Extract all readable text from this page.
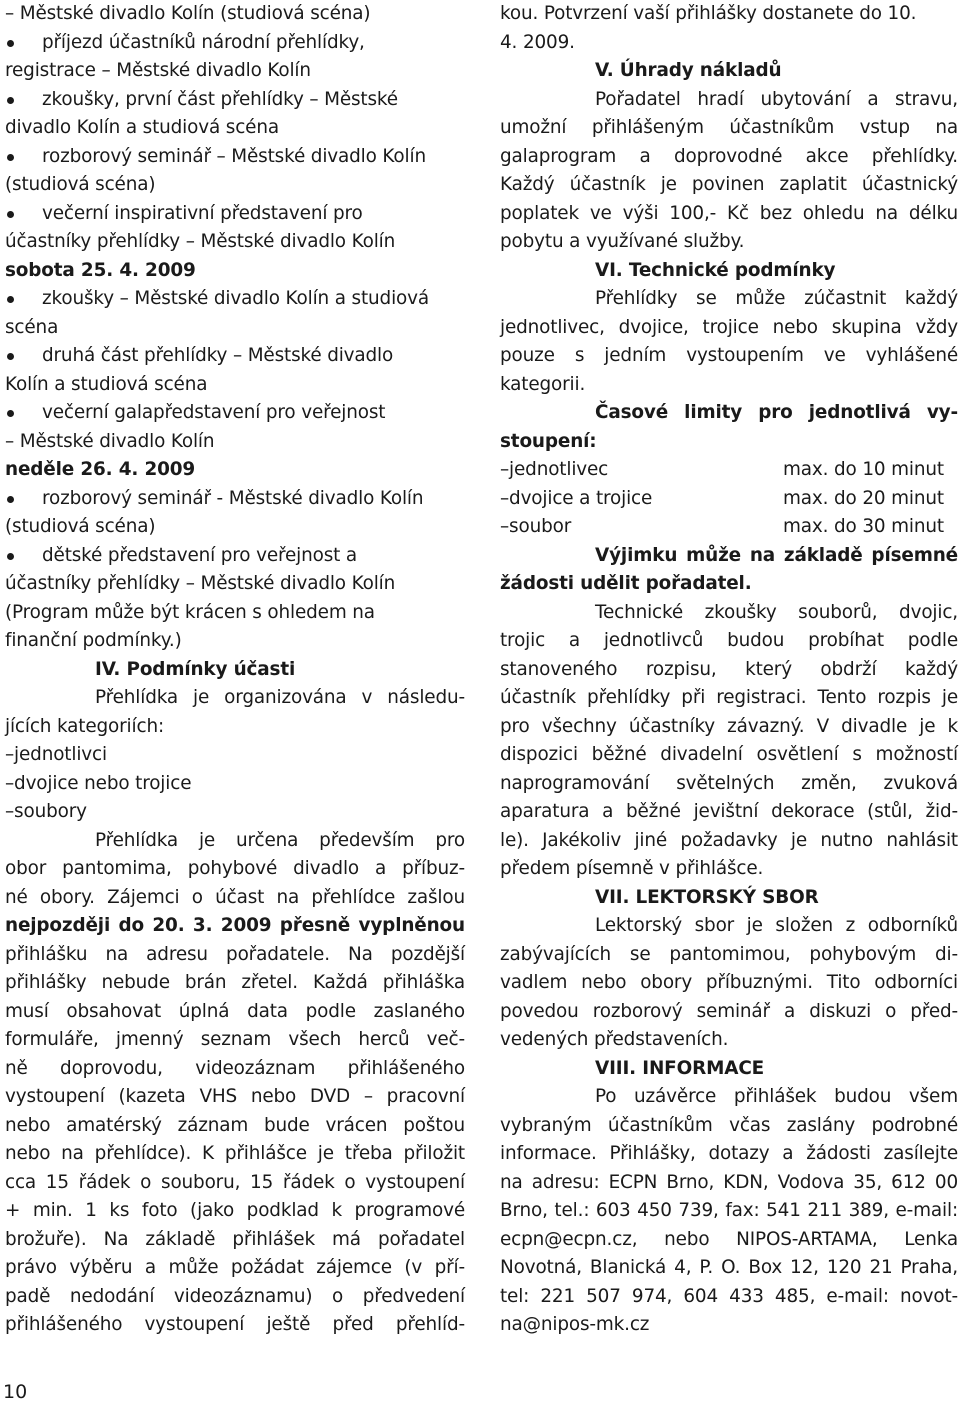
– Městské divadlo Kolín (studiová scéna)
příjezd účastníků národní přehlídky,
registrace – Městské divadlo Kolín
zkoušky, první část přehlídky – Městské
divadlo Kolín a studiová scéna
rozborový seminář – Městské divadlo Kolín
(studiová scéna)
večerní inspirativní představení pro
účastníky přehlídky – Městské divadlo Kolín
sobota 25. 4. 2009
zkoušky – Městské divadlo Kolín a studiová
scéna
druhá část přehlídky – Městské divadlo
Kolín a studiová scéna
večerní galapředstavení pro veřejnost
– Městské divadlo Kolín
neděle 26. 4. 2009
rozborový seminář - Městské divadlo Kolín
(studiová scéna)
dětské představení pro veřejnost a
účastníky přehlídky – Městské divadlo Kolín
(Program může být krácen s ohledem na
finanční podmínky.)
IV. Podmínky účasti
Přehlídka je organizována v následu-
jících kategoriích:
– jednotlivci
– dvojice nebo trojice
– soubory
Přehlídka je určena především pro
obor pantomima, pohybové divadlo a příbuz-
né obory. Zájemci o účast na přehlídce zašlou
nejpozději do 20. 3. 2009 přesně vyplněnou
přihlášku na adresu pořadatele. Na pozdější
přihlášky nebude brán zřetel. Každá přihláška
musí obsahovat úplná data podle zaslaného
formuláře, jmenný seznam všech herců več-
ně doprovodu, videozáznam přihlášeného
vystoupení (kazeta VHS nebo DVD – pracovní
nebo amatérský záznam bude vrácen poštou
nebo na přehlídce). K přihlášce je třeba přiložit
cca 15 řádek o souboru, 15 řádek o vystoupení
+ min. 1 ks foto (jako podklad k programové
brožuře). Na základě přihlášek má pořadatel
právo výběru a může požádat zájemce (v pří-
padě nedodání videozáznamu) o předvedení
přihlášeného vystoupení ještě před přehlíd-
kou. Potvrzení vaší přihlášky dostanete do 10.
4. 2009.
V. Úhrady nákladů
Pořadatel hradí ubytování a stravu,
umožní přihlášeným účastníkům vstup na
galaprogram a doprovodné akce přehlídky.
Každý účastník je povinen zaplatit účastnický
poplatek ve výši 100,- Kč bez ohledu na délku
pobytu a využívané služby.
VI. Technické podmínky
Přehlídky se může zúčastnit každý
jednotlivec, dvojice, trojice nebo skupina vždy
pouze s jedním vystoupením ve vyhlášené
kategorii.
Časové limity pro jednotlivá vy-
stoupení:
– jednotlivec	max. do 10 minut
– dvojice a trojice	max. do 20 minut
– soubor	max. do 30 minut
Výjimku může na základě písemné
žádosti udělit pořadatel.
Technické zkoušky souborů, dvojic,
trojic a jednotlivců budou probíhat podle
stanoveného rozpisu, který obdrží každý
účastník přehlídky při registraci. Tento rozpis je
pro všechny účastníky závazný. V divadle je k
dispozici běžné divadelní osvětlení s možností
naprogramování světelných změn, zvuková
aparatura a běžné jevištní dekorace (stůl, žid-
le). Jakékoliv jiné požadavky je nutno nahlásit
předem písemně v přihlášce.
VII. LEKTORSKÝ SBOR
Lektorský sbor je složen z odborníků
zabývajících se pantomimou, pohybovým di-
vadlem nebo obory příbuznými. Tito odborníci
povedou rozborový seminář a diskuzi o před-
vedených představeních.
VIII. INFORMACE
Po uzávěrce přihlášek budou všem
vybraným účastníkům včas zaslány podrobné
informace. Přihlášky, dotazy a žádosti zasílejte
na adresu: ECPN Brno, KDN, Vodova 35, 612 00
Brno, tel.: 603 450 739, fax: 541 211 389, e-mail:
ecpn@ecpn.cz, nebo NIPOS-ARTAMA, Lenka
Novotná, Blanická 4, P. O. Box 12, 120 21 Praha,
tel: 221 507 974, 604 433 485, e-mail: novot-
na@nipos-mk.cz
10
